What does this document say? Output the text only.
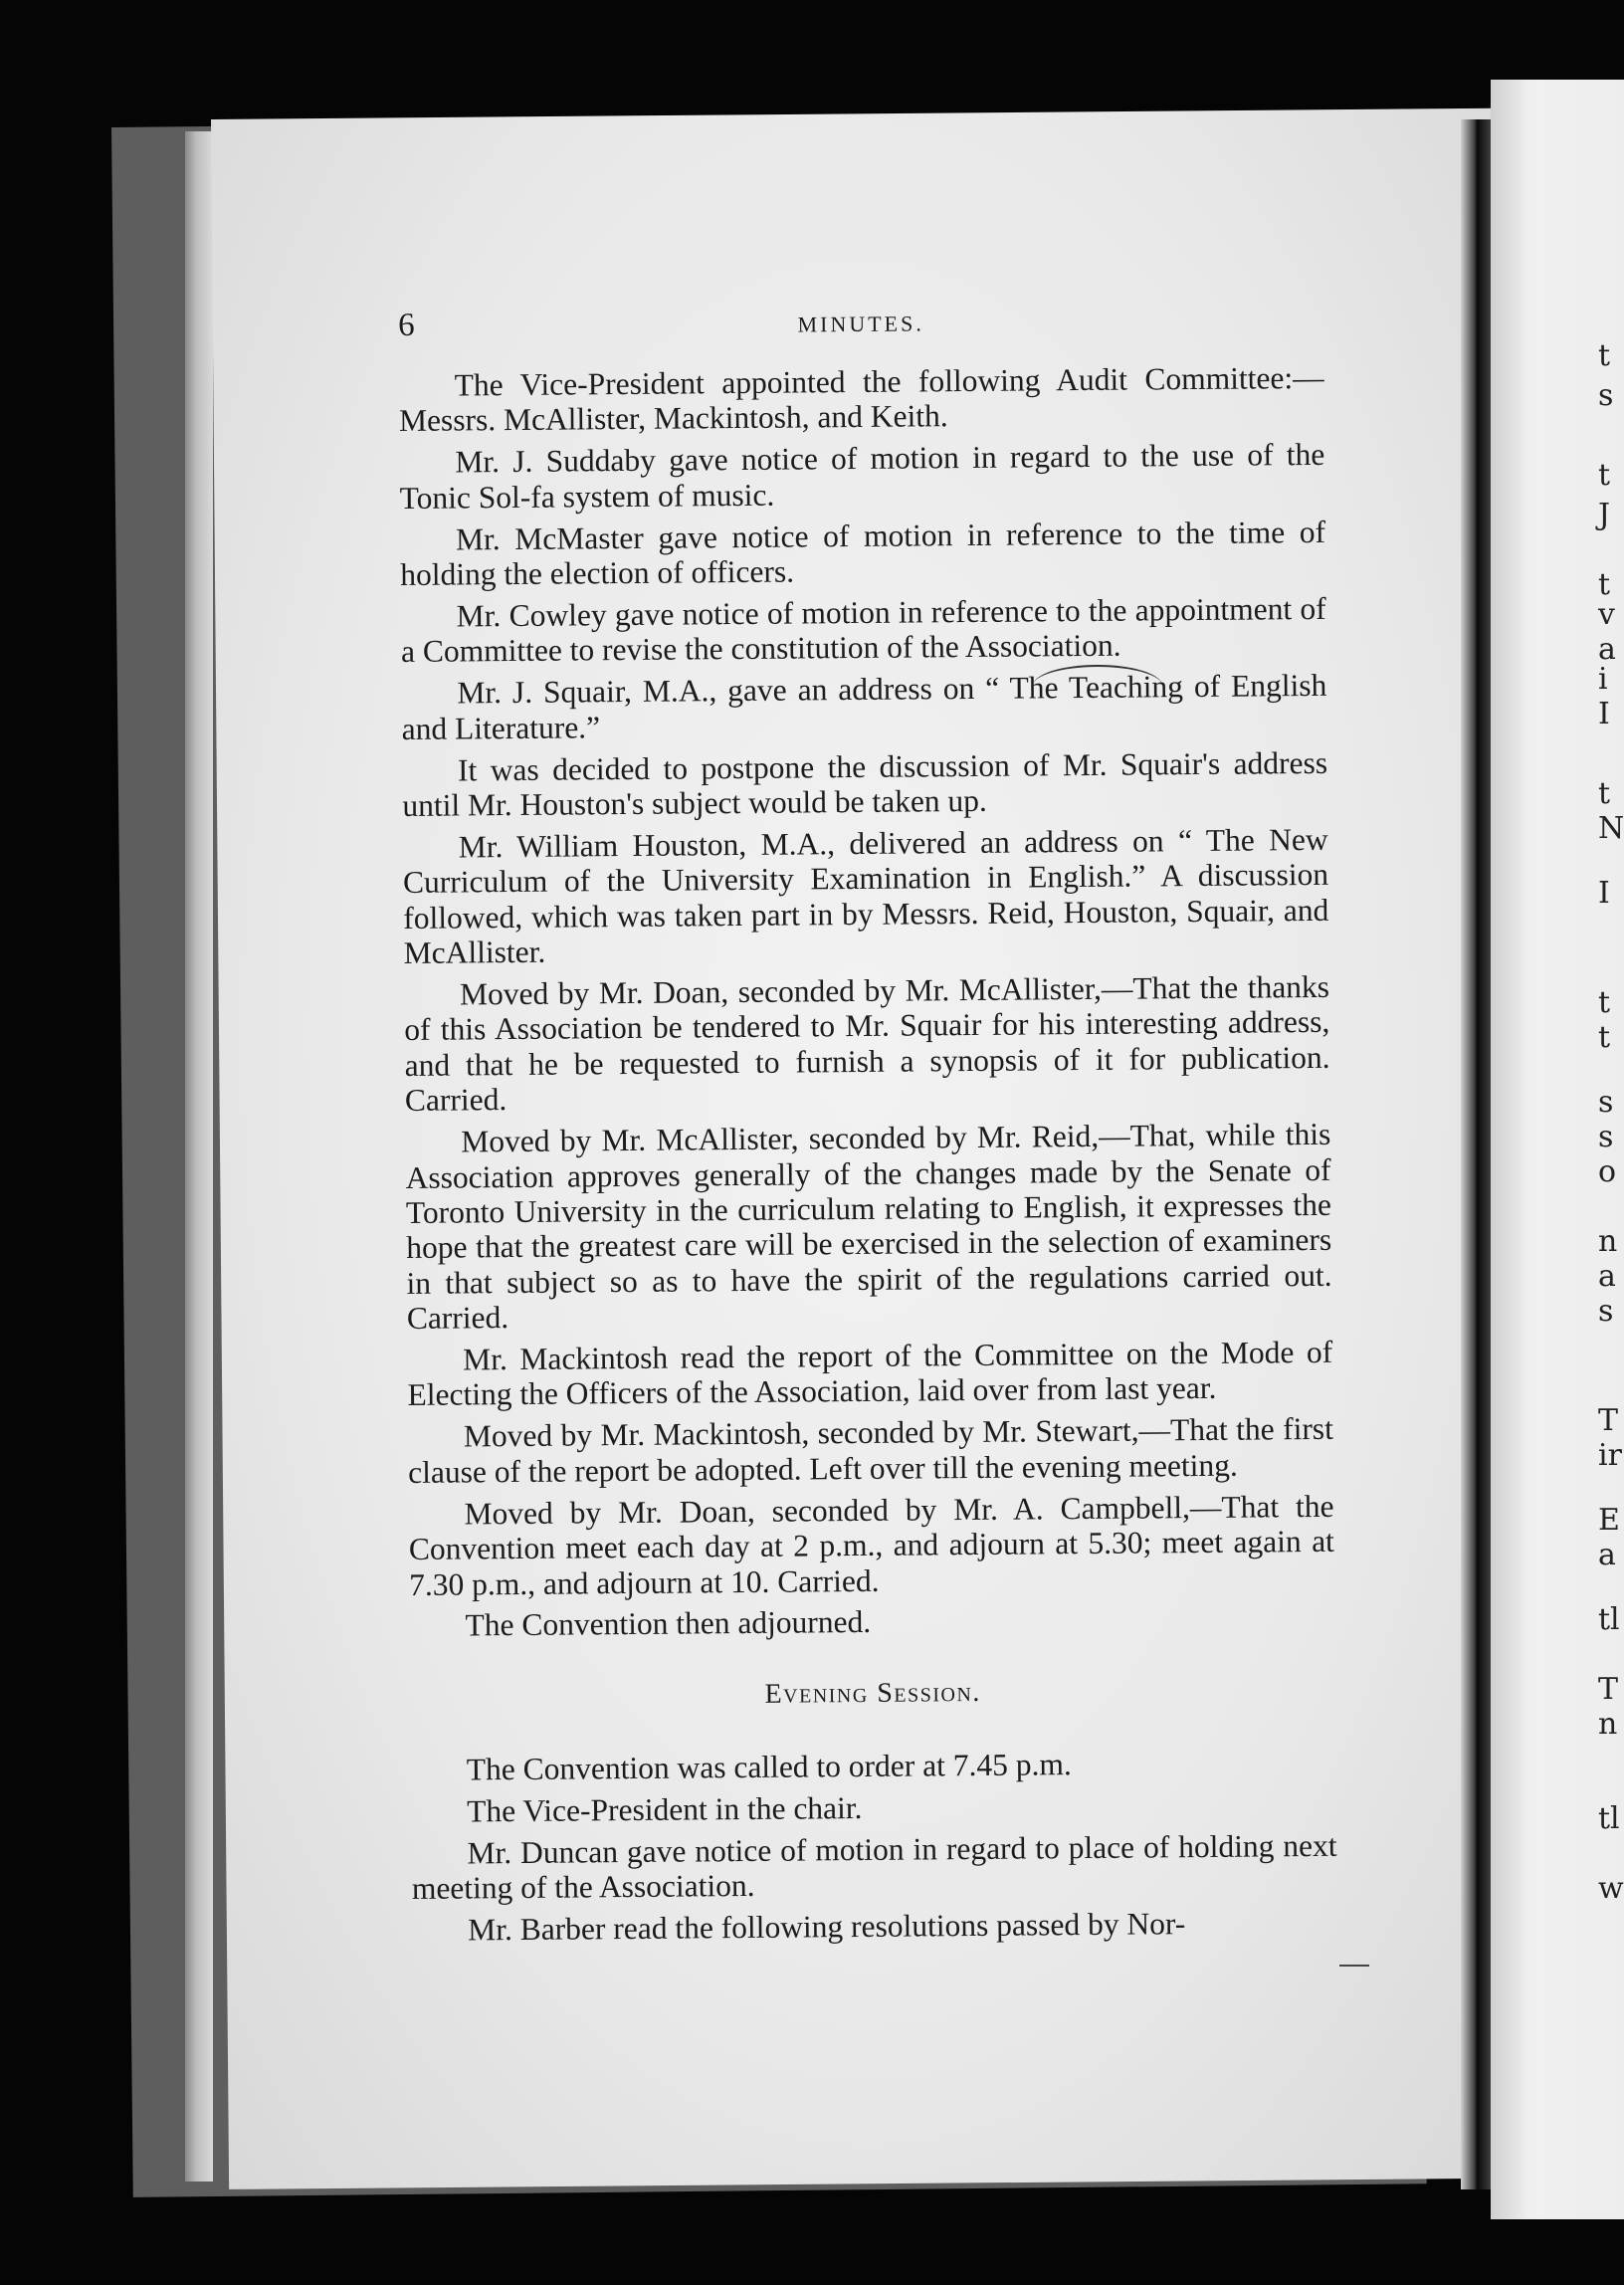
t
s
t
J
t
v
a
i
I
t
N
I
t
t
s
s
o
n
a
s
T
ir
E
a
tl
T
n
tl
w
6	MINUTES.

The Vice-President appointed the following Audit Committee:—Messrs. McAllister, Mackintosh, and Keith.

Mr. J. Suddaby gave notice of motion in regard to the use of the Tonic Sol-fa system of music.

Mr. McMaster gave notice of motion in reference to the time of holding the election of officers.

Mr. Cowley gave notice of motion in reference to the appointment of a Committee to revise the constitution of the Association.

Mr. J. Squair, M.A., gave an address on “ The Teaching of English and Literature.”

It was decided to postpone the discussion of Mr. Squair's address until Mr. Houston's subject would be taken up.

Mr. William Houston, M.A., delivered an address on “ The New Curriculum of the University Examination in English.” A discussion followed, which was taken part in by Messrs. Reid, Houston, Squair, and McAllister.

Moved by Mr. Doan, seconded by Mr. McAllister,—That the thanks of this Association be tendered to Mr. Squair for his interesting address, and that he be requested to furnish a synopsis of it for publication. Carried.

Moved by Mr. McAllister, seconded by Mr. Reid,—That, while this Association approves generally of the changes made by the Senate of Toronto University in the curriculum relating to English, it expresses the hope that the greatest care will be exercised in the selection of examiners in that subject so as to have the spirit of the regulations carried out. Carried.

Mr. Mackintosh read the report of the Committee on the Mode of Electing the Officers of the Association, laid over from last year.

Moved by Mr. Mackintosh, seconded by Mr. Stewart,—That the first clause of the report be adopted. Left over till the evening meeting.

Moved by Mr. Doan, seconded by Mr. A. Campbell,—That the Convention meet each day at 2 p.m., and adjourn at 5.30; meet again at 7.30 p.m., and adjourn at 10. Carried.

The Convention then adjourned.

Evening Session.

The Convention was called to order at 7.45 p.m.

The Vice-President in the chair.

Mr. Duncan gave notice of motion in regard to place of holding next meeting of the Association.

Mr. Barber read the following resolutions passed by Nor-
